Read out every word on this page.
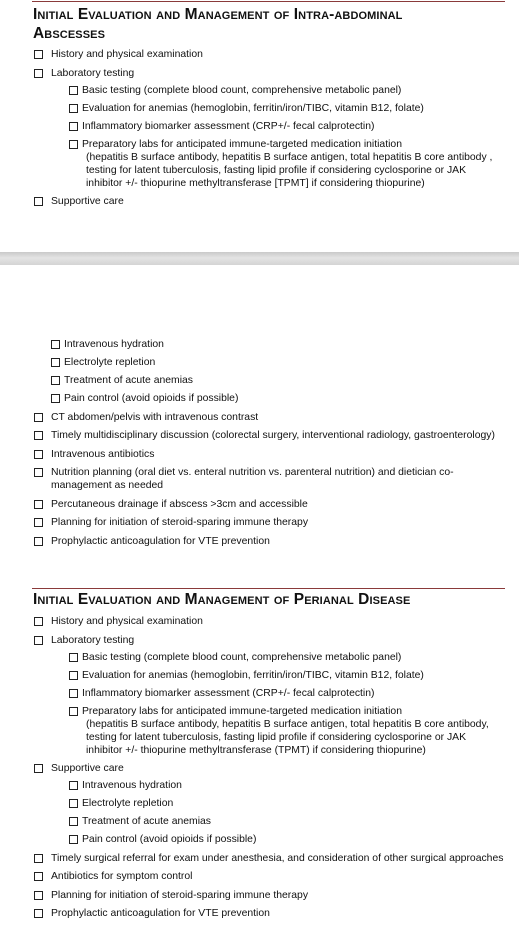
Initial Evaluation and Management of Intra-abdominal
Abscesses
History and physical examination
Laboratory testing
Basic testing (complete blood count, comprehensive metabolic panel)
Evaluation for anemias (hemoglobin, ferritin/iron/TIBC, vitamin B12, folate)
Inflammatory biomarker assessment (CRP+/- fecal calprotectin)
Preparatory labs for anticipated immune-targeted medication initiation
(hepatitis B surface antibody, hepatitis B surface antigen, total hepatitis B core antibody , testing for latent tuberculosis, fasting lipid profile if considering cyclosporine or JAK inhibitor +/- thiopurine methyltransferase [TPMT] if considering thiopurine)
Supportive care
Intravenous hydration
Electrolyte repletion
Treatment of acute anemias
Pain control (avoid opioids if possible)
CT abdomen/pelvis with intravenous contrast
Timely multidisciplinary discussion (colorectal surgery, interventional radiology, gastroenterology)
Intravenous antibiotics
Nutrition planning (oral diet vs. enteral nutrition vs. parenteral nutrition) and dietician co-management as needed
Percutaneous drainage if abscess >3cm and accessible
Planning for initiation of steroid-sparing immune therapy
Prophylactic anticoagulation for VTE prevention
Initial Evaluation and Management of Perianal Disease
History and physical examination
Laboratory testing
Basic testing (complete blood count, comprehensive metabolic panel)
Evaluation for anemias (hemoglobin, ferritin/iron/TIBC, vitamin B12, folate)
Inflammatory biomarker assessment (CRP+/- fecal calprotectin)
Preparatory labs for anticipated immune-targeted medication initiation
(hepatitis B surface antibody, hepatitis B surface antigen, total hepatitis B core antibody, testing for latent tuberculosis, fasting lipid profile if considering cyclosporine or JAK inhibitor +/- thiopurine methyltransferase (TPMT) if considering thiopurine)
Supportive care
Intravenous hydration
Electrolyte repletion
Treatment of acute anemias
Pain control (avoid opioids if possible)
Timely surgical referral for exam under anesthesia, and consideration of other surgical approaches
Antibiotics for symptom control
Planning for initiation of steroid-sparing immune therapy
Prophylactic anticoagulation for VTE prevention
